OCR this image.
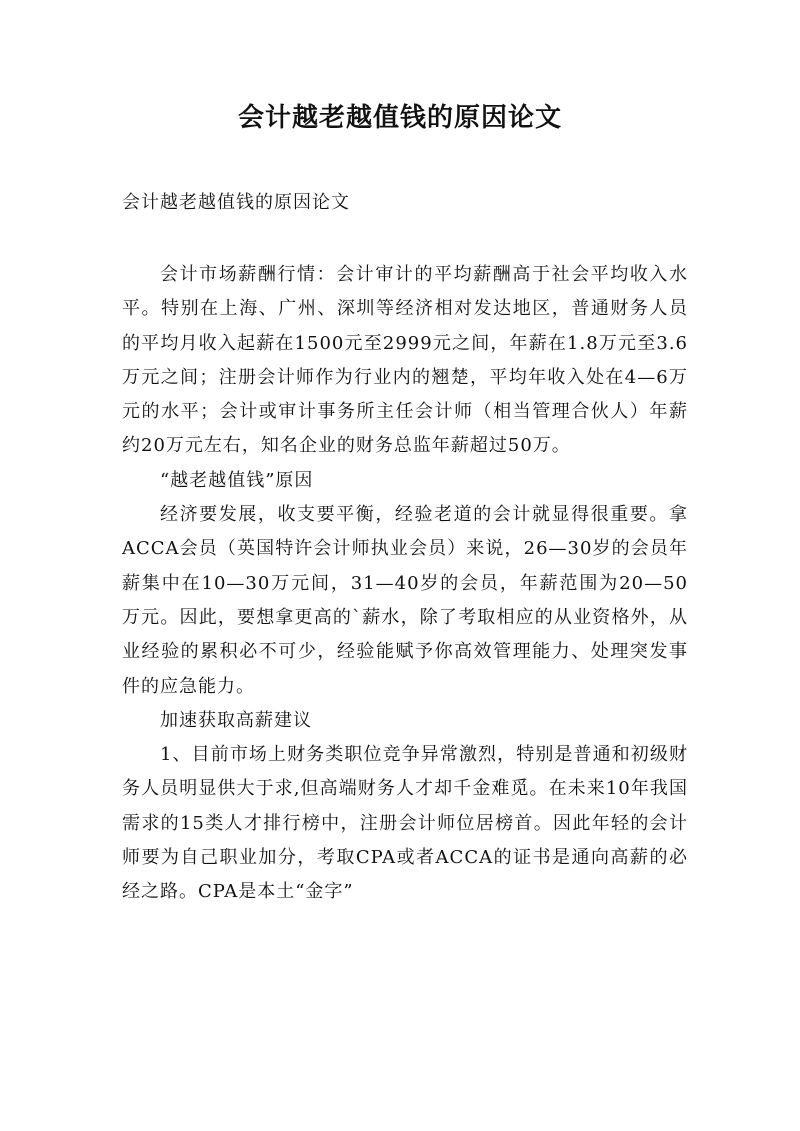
会计越老越值钱的原因论文
会计越老越值钱的原因论文

会计市场薪酬行情：会计审计的平均薪酬高于社会平均收入水平。特别在上海、广州、深圳等经济相对发达地区，普通财务人员的平均月收入起薪在1500元至2999元之间，年薪在1.8万元至3.6万元之间；注册会计师作为行业内的翘楚，平均年收入处在4—6万元的水平；会计或审计事务所主任会计师（相当管理合伙人）年薪约20万元左右，知名企业的财务总监年薪超过50万。

“越老越值钱”原因

经济要发展，收支要平衡，经验老道的会计就显得很重要。拿ACCA会员（英国特许会计师执业会员）来说，26—30岁的会员年薪集中在10—30万元间，31—40岁的会员，年薪范围为20—50万元。因此，要想拿更高的`薪水，除了考取相应的从业资格外，从业经验的累积必不可少，经验能赋予你高效管理能力、处理突发事件的应急能力。

加速获取高薪建议

1、目前市场上财务类职位竞争异常激烈，特别是普通和初级财务人员明显供大于求,但高端财务人才却千金难觅。在未来10年我国需求的15类人才排行榜中，注册会计师位居榜首。因此年轻的会计师要为自己职业加分，考取CPA或者ACCA的证书是通向高薪的必经之路。CPA是本土“金字”
